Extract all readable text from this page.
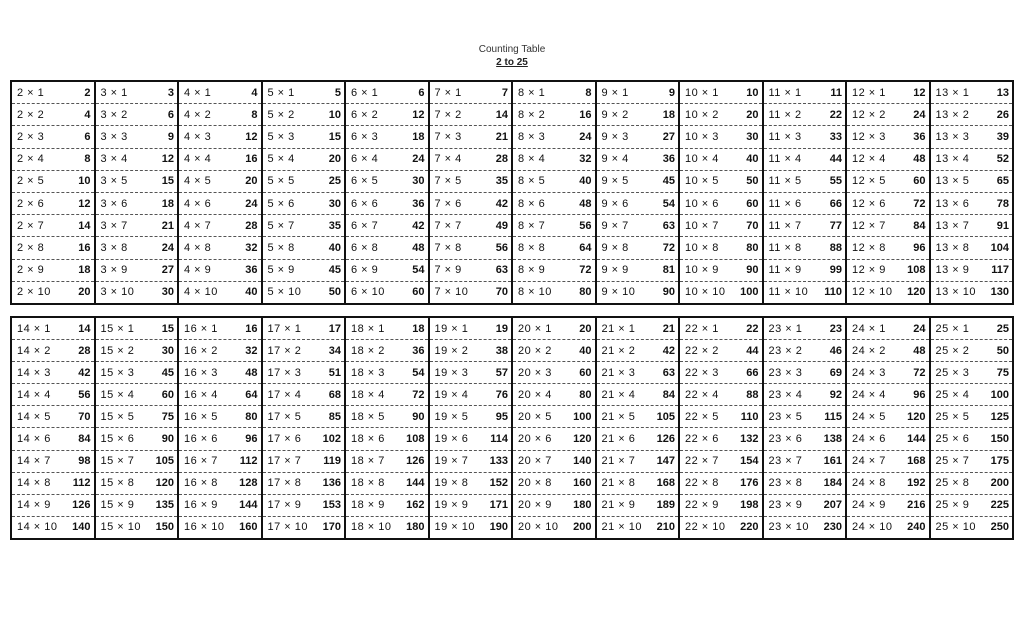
Counting Table
2 to 25
2 × 1	2
2 × 2	4
2 × 3	6
2 × 4	8
2 × 5	10
2 × 6	12
2 × 7	14
2 × 8	16
2 × 9	18
2 × 10	20
3 × 1	3
3 × 2	6
3 × 3	9
3 × 4	12
3 × 5	15
3 × 6	18
3 × 7	21
3 × 8	24
3 × 9	27
3 × 10	30
4 × 1	4
4 × 2	8
4 × 3	12
4 × 4	16
4 × 5	20
4 × 6	24
4 × 7	28
4 × 8	32
4 × 9	36
4 × 10	40
5 × 1	5
5 × 2	10
5 × 3	15
5 × 4	20
5 × 5	25
5 × 6	30
5 × 7	35
5 × 8	40
5 × 9	45
5 × 10	50
6 × 1	6
6 × 2	12
6 × 3	18
6 × 4	24
6 × 5	30
6 × 6	36
6 × 7	42
6 × 8	48
6 × 9	54
6 × 10	60
7 × 1	7
7 × 2	14
7 × 3	21
7 × 4	28
7 × 5	35
7 × 6	42
7 × 7	49
7 × 8	56
7 × 9	63
7 × 10	70
8 × 1	8
8 × 2	16
8 × 3	24
8 × 4	32
8 × 5	40
8 × 6	48
8 × 7	56
8 × 8	64
8 × 9	72
8 × 10	80
9 × 1	9
9 × 2	18
9 × 3	27
9 × 4	36
9 × 5	45
9 × 6	54
9 × 7	63
9 × 8	72
9 × 9	81
9 × 10	90
10 × 1	10
10 × 2	20
10 × 3	30
10 × 4	40
10 × 5	50
10 × 6	60
10 × 7	70
10 × 8	80
10 × 9	90
10 × 10	100
11 × 1	11
11 × 2	22
11 × 3	33
11 × 4	44
11 × 5	55
11 × 6	66
11 × 7	77
11 × 8	88
11 × 9	99
11 × 10	110
12 × 1	12
12 × 2	24
12 × 3	36
12 × 4	48
12 × 5	60
12 × 6	72
12 × 7	84
12 × 8	96
12 × 9	108
12 × 10	120
13 × 1	13
13 × 2	26
13 × 3	39
13 × 4	52
13 × 5	65
13 × 6	78
13 × 7	91
13 × 8	104
13 × 9	117
13 × 10	130
14 × 1	14
14 × 2	28
14 × 3	42
14 × 4	56
14 × 5	70
14 × 6	84
14 × 7	98
14 × 8	112
14 × 9	126
14 × 10	140
15 × 1	15
15 × 2	30
15 × 3	45
15 × 4	60
15 × 5	75
15 × 6	90
15 × 7	105
15 × 8	120
15 × 9	135
15 × 10	150
16 × 1	16
16 × 2	32
16 × 3	48
16 × 4	64
16 × 5	80
16 × 6	96
16 × 7	112
16 × 8	128
16 × 9	144
16 × 10	160
17 × 1	17
17 × 2	34
17 × 3	51
17 × 4	68
17 × 5	85
17 × 6	102
17 × 7	119
17 × 8	136
17 × 9	153
17 × 10	170
18 × 1	18
18 × 2	36
18 × 3	54
18 × 4	72
18 × 5	90
18 × 6	108
18 × 7	126
18 × 8	144
18 × 9	162
18 × 10	180
19 × 1	19
19 × 2	38
19 × 3	57
19 × 4	76
19 × 5	95
19 × 6	114
19 × 7	133
19 × 8	152
19 × 9	171
19 × 10	190
20 × 1	20
20 × 2	40
20 × 3	60
20 × 4	80
20 × 5	100
20 × 6	120
20 × 7	140
20 × 8	160
20 × 9	180
20 × 10	200
21 × 1	21
21 × 2	42
21 × 3	63
21 × 4	84
21 × 5	105
21 × 6	126
21 × 7	147
21 × 8	168
21 × 9	189
21 × 10	210
22 × 1	22
22 × 2	44
22 × 3	66
22 × 4	88
22 × 5	110
22 × 6	132
22 × 7	154
22 × 8	176
22 × 9	198
22 × 10	220
23 × 1	23
23 × 2	46
23 × 3	69
23 × 4	92
23 × 5	115
23 × 6	138
23 × 7	161
23 × 8	184
23 × 9	207
23 × 10	230
24 × 1	24
24 × 2	48
24 × 3	72
24 × 4	96
24 × 5	120
24 × 6	144
24 × 7	168
24 × 8	192
24 × 9	216
24 × 10	240
25 × 1	25
25 × 2	50
25 × 3	75
25 × 4	100
25 × 5	125
25 × 6	150
25 × 7	175
25 × 8	200
25 × 9	225
25 × 10	250
